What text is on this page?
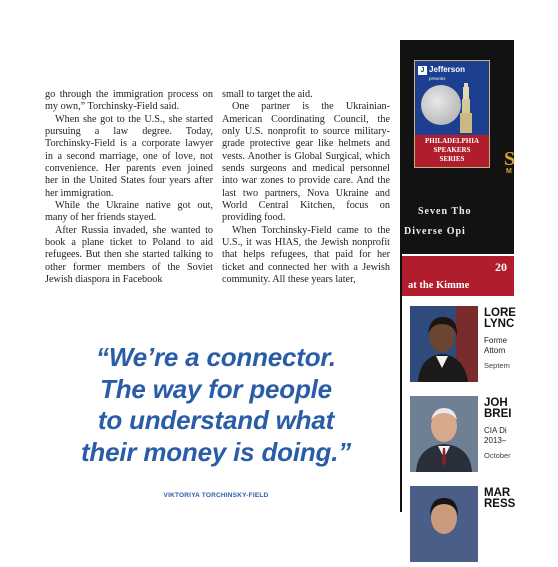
go through the immigration process on my own,” Torchinsky-Field said.

When she got to the U.S., she started pursuing a law degree. Today, Torchinsky-Field is a corporate lawyer in a second marriage, one of love, not convenience. Her parents even joined her in the United States four years after her immigration.

While the Ukraine native got out, many of her friends stayed.

After Russia invaded, she wanted to book a plane ticket to Poland to aid refugees. But then she started talking to other former members of the Soviet Jewish diaspora in Facebook

small to target the aid.

One partner is the Ukrainian-American Coordinating Council, the only U.S. nonprofit to source military-grade protective gear like helmets and vests. Another is Global Surgical, which sends surgeons and medical personnel into war zones to provide care. And the last two partners, Nova Ukraine and World Central Kitchen, focus on providing food.

When Torchinsky-Field came to the U.S., it was HIAS, the Jewish nonprofit that helps refugees, that paid for her ticket and connected her with a Jewish community. All these years later,

“We’re a connector.
The way for people
to understand what
their money is doing.”
VIKTORIYA TORCHINSKY-FIELD
J Jefferson
presents
PHILADELPHIA
SPEAKERS
SERIES	S
M
Seven Tho
Diverse Opi
20
at the Kimme
LORE
LYNC
Forme
Attorn
Septem
JOH
BREI
CIA Di
2013–
October
MAR
RESS
